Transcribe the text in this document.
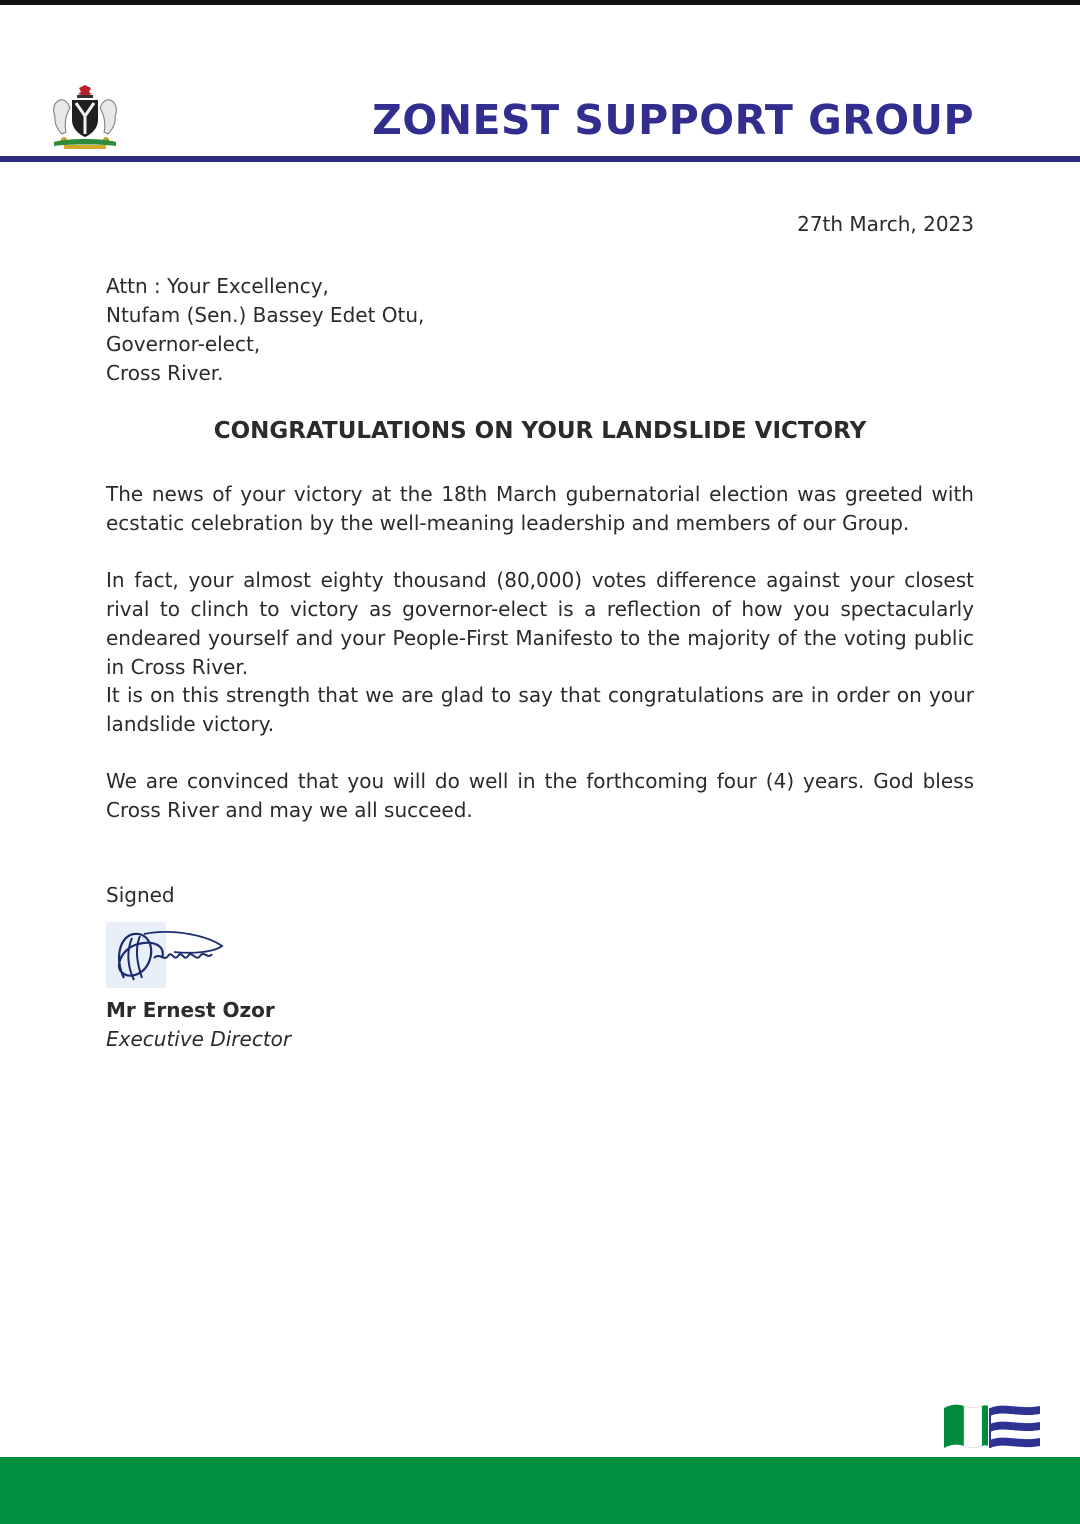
ZONEST SUPPORT GROUP
27th March, 2023
Attn : Your Excellency,
Ntufam (Sen.) Bassey Edet Otu,
Governor-elect,
Cross River.
CONGRATULATIONS ON YOUR LANDSLIDE VICTORY

The news of your victory at the 18th March gubernatorial election was greeted with ecstatic celebration by the well-meaning leadership and members of our Group.

In fact, your almost eighty thousand (80,000) votes difference against your closest rival to clinch to victory as governor-elect is a reflection of how you spectacularly endeared yourself and your People-First Manifesto to the majority of the voting public in Cross River.

It is on this strength that we are glad to say that congratulations are in order on your landslide victory.

We are convinced that you will do well in the forthcoming four (4) years. God bless Cross River and may we all succeed.

Signed
Mr Ernest Ozor
Executive Director
